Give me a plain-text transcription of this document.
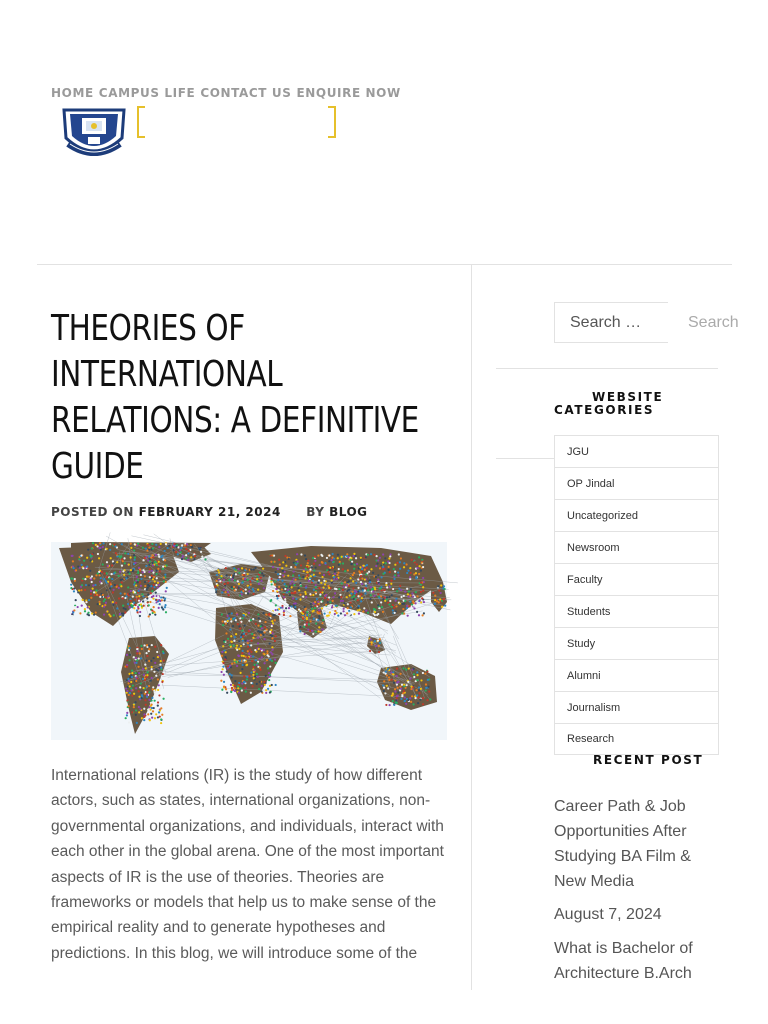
HOME CAMPUS LIFE CONTACT US ENQUIRE NOW
THEORIES OF INTERNATIONAL RELATIONS: A DEFINITIVE GUIDE
POSTED ON FEBRUARY 21, 2024 BY BLOG

International relations (IR) is the study of how different actors, such as states, international organizations, non-governmental organizations, and individuals, interact with each other in the global arena. One of the most important aspects of IR is the use of theories. Theories are frameworks or models that help us to make sense of the empirical reality and to generate hypotheses and predictions. In this blog, we will introduce some of the

Search …
Search
WEBSITE
CATEGORIES
JGU
OP Jindal
Uncategorized
Newsroom
Faculty
Students
Study
Alumni
Journalism
Research
RECENT POST

Career Path & Job Opportunities After Studying BA Film & New Media

August 7, 2024

What is Bachelor of Architecture B.Arch
